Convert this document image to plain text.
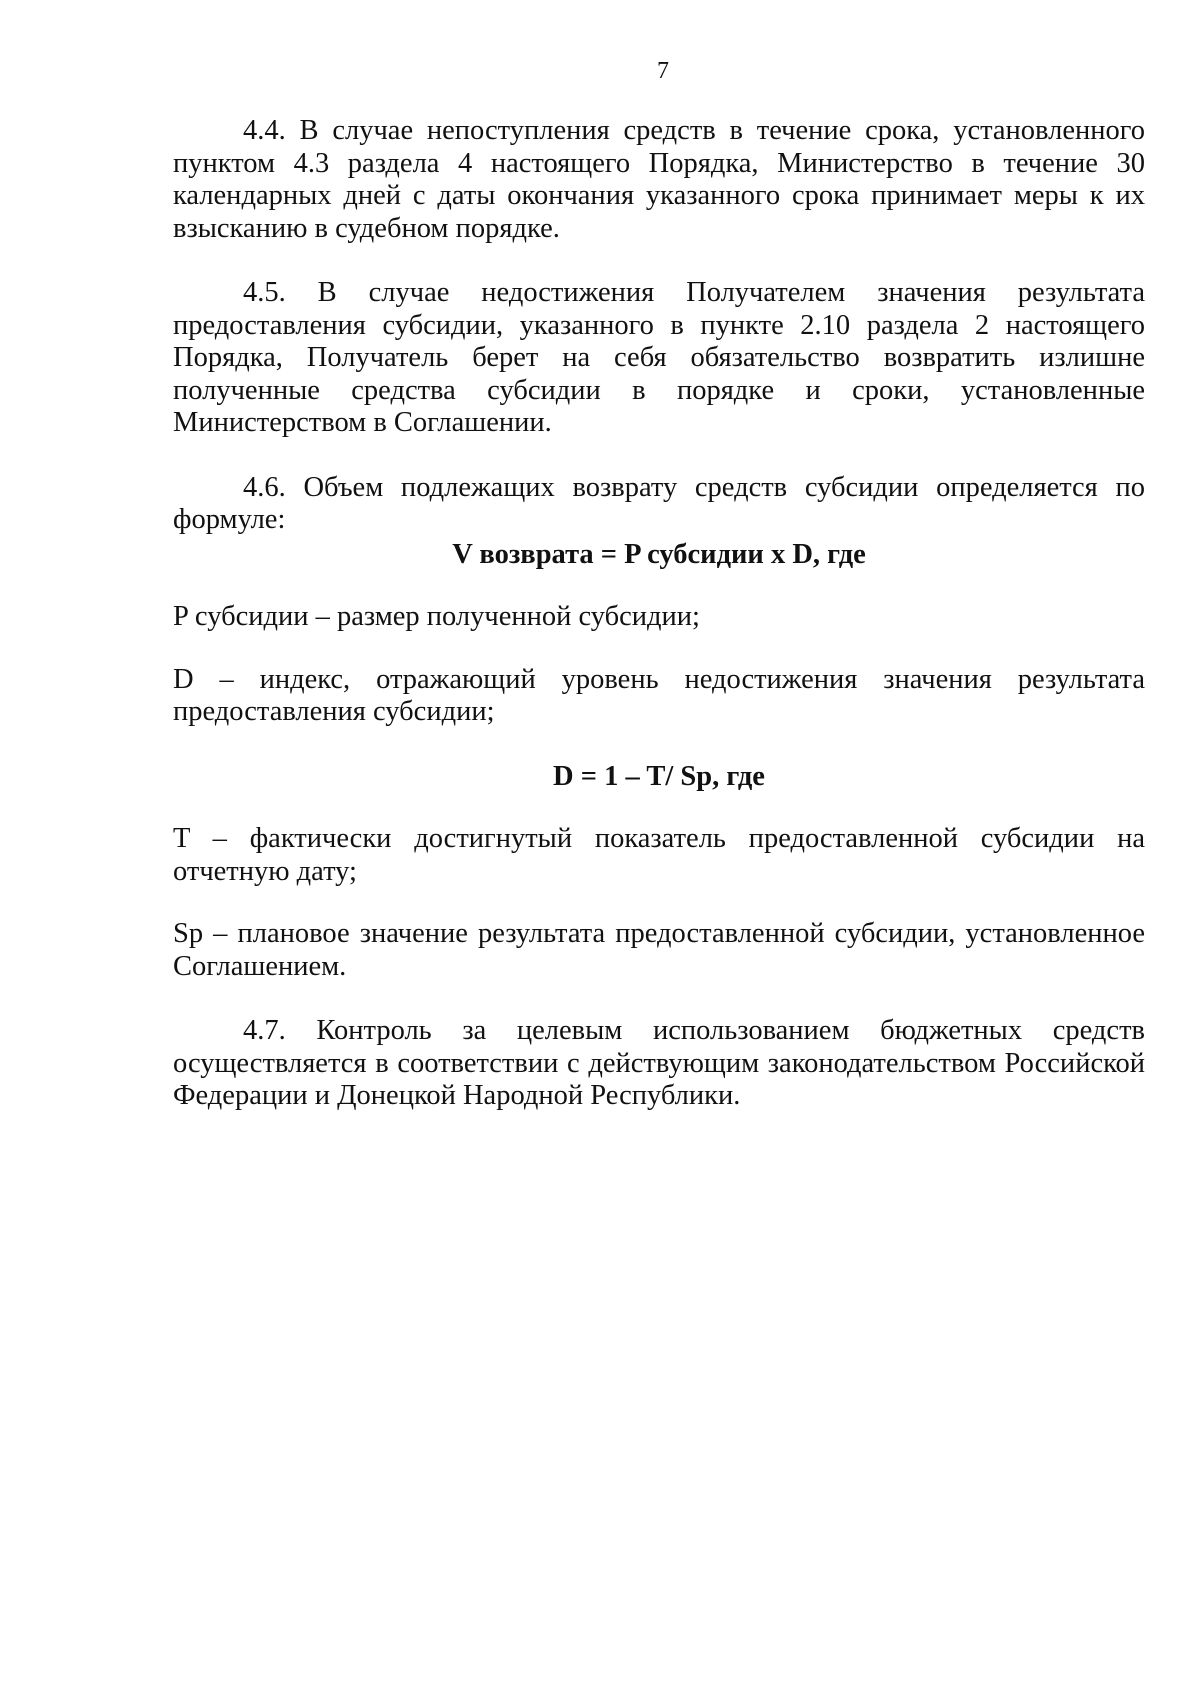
7

4.4. В случае непоступления средств в течение срока, установленного пунктом 4.3 раздела 4 настоящего Порядка, Министерство в течение 30 календарных дней с даты окончания указанного срока принимает меры к их взысканию в судебном порядке.

4.5. В случае недостижения Получателем значения результата предоставления субсидии, указанного в пункте 2.10 раздела 2 настоящего Порядка, Получатель берет на себя обязательство возвратить излишне полученные средства субсидии в порядке и сроки, установленные Министерством в Соглашении.

4.6. Объем подлежащих возврату средств субсидии определяется по формуле:

V возврата = P субсидии x D, где

P субсидии – размер полученной субсидии;

D – индекс, отражающий уровень недостижения значения результата предоставления субсидии;

D = 1 – T/ Sp, где

T – фактически достигнутый показатель предоставленной субсидии на отчетную дату;

Sp – плановое значение результата предоставленной субсидии, установленное Соглашением.

4.7. Контроль за целевым использованием бюджетных средств осуществляется в соответствии с действующим законодательством Российской Федерации и Донецкой Народной Республики.
